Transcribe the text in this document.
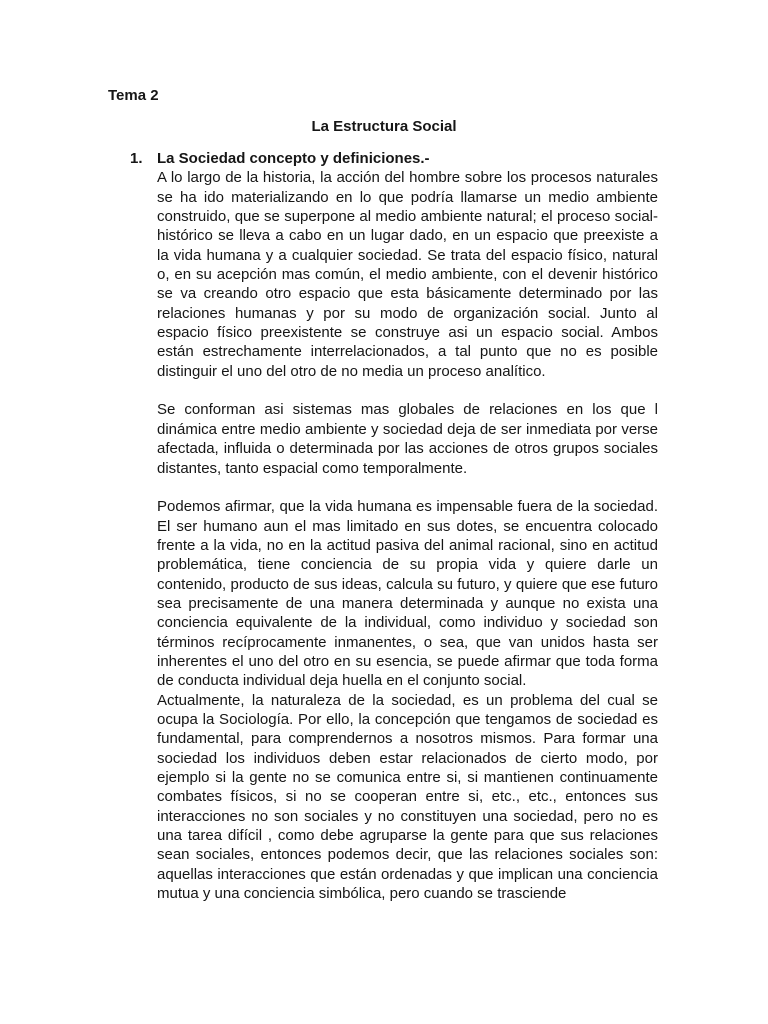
Tema 2

La Estructura Social

1. La Sociedad concepto y definiciones.-

A lo largo de la historia, la acción del hombre sobre los procesos naturales se ha ido materializando en lo que podría llamarse un medio ambiente construido, que se superpone al medio ambiente natural; el proceso social-histórico se lleva a cabo en un lugar dado, en un espacio que preexiste a la vida humana y a cualquier sociedad. Se trata del espacio físico, natural o, en su acepción mas común, el medio ambiente, con el devenir histórico se va creando otro espacio que esta básicamente determinado por las relaciones humanas y por su modo de organización social. Junto al espacio físico preexistente se construye asi un espacio social. Ambos están estrechamente interrelacionados, a tal punto que no es posible distinguir el uno del otro de no media un proceso analítico.

Se conforman asi sistemas mas globales de relaciones en los que l dinámica entre medio ambiente y sociedad deja de ser inmediata por verse afectada, influida o determinada por las acciones de otros grupos sociales distantes, tanto espacial como temporalmente.

Podemos afirmar, que la vida humana es impensable fuera de la sociedad. El ser humano aun el mas limitado en sus dotes, se encuentra colocado frente a la vida, no en la actitud pasiva del animal racional, sino en actitud problemática, tiene conciencia de su propia vida y quiere darle un contenido, producto de sus ideas, calcula su futuro, y quiere que ese futuro sea precisamente de una manera determinada y aunque no exista una conciencia equivalente de la individual, como individuo y sociedad son términos recíprocamente inmanentes, o sea, que van unidos hasta ser inherentes el uno del otro en su esencia, se puede afirmar que toda forma de conducta individual deja huella en el conjunto social.

Actualmente, la naturaleza de la sociedad, es un problema del cual se ocupa la Sociología. Por ello, la concepción que tengamos de sociedad es fundamental, para comprendernos a nosotros mismos. Para formar una sociedad los individuos deben estar relacionados de cierto modo, por ejemplo si la gente no se comunica entre si, si mantienen continuamente combates físicos, si no se cooperan entre si, etc., etc., entonces sus interacciones no son sociales y no constituyen una sociedad, pero no es una tarea difícil , como debe agruparse la gente para que sus relaciones sean sociales, entonces podemos decir, que las relaciones sociales son: aquellas interacciones que están ordenadas y que implican una conciencia mutua y una conciencia simbólica, pero cuando se trasciende
